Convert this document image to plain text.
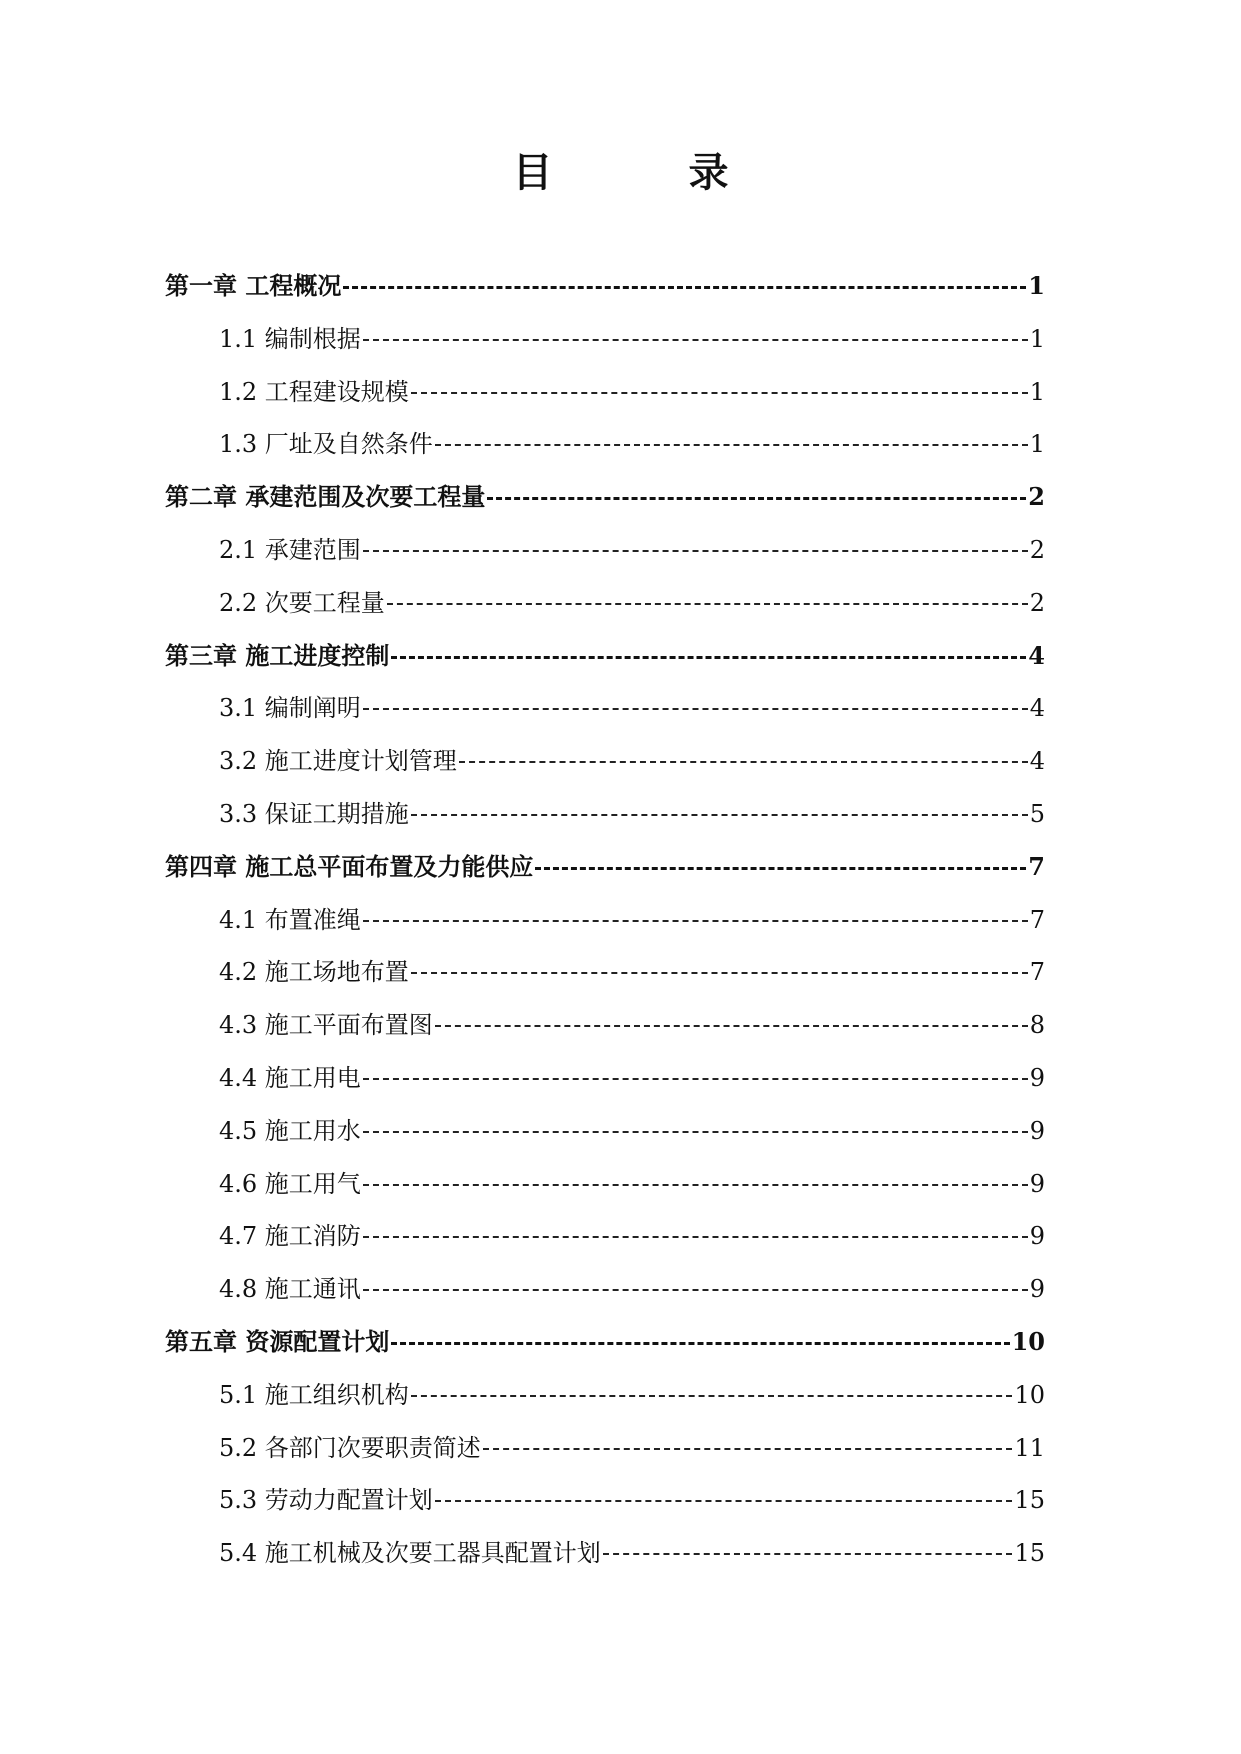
目　录
第一章 工程概况	1
1.1 编制根据	1
1.2 工程建设规模	1
1.3 厂址及自然条件	1
第二章 承建范围及次要工程量	2
2.1 承建范围	2
2.2 次要工程量	2
第三章 施工进度控制	4
3.1 编制阐明	4
3.2 施工进度计划管理	4
3.3 保证工期措施	5
第四章 施工总平面布置及力能供应	7
4.1 布置准绳	7
4.2 施工场地布置	7
4.3 施工平面布置图	8
4.4 施工用电	9
4.5 施工用水	9
4.6 施工用气	9
4.7 施工消防	9
4.8 施工通讯	9
第五章 资源配置计划	10
5.1 施工组织机构	10
5.2 各部门次要职责简述	11
5.3 劳动力配置计划	15
5.4 施工机械及次要工器具配置计划	15
